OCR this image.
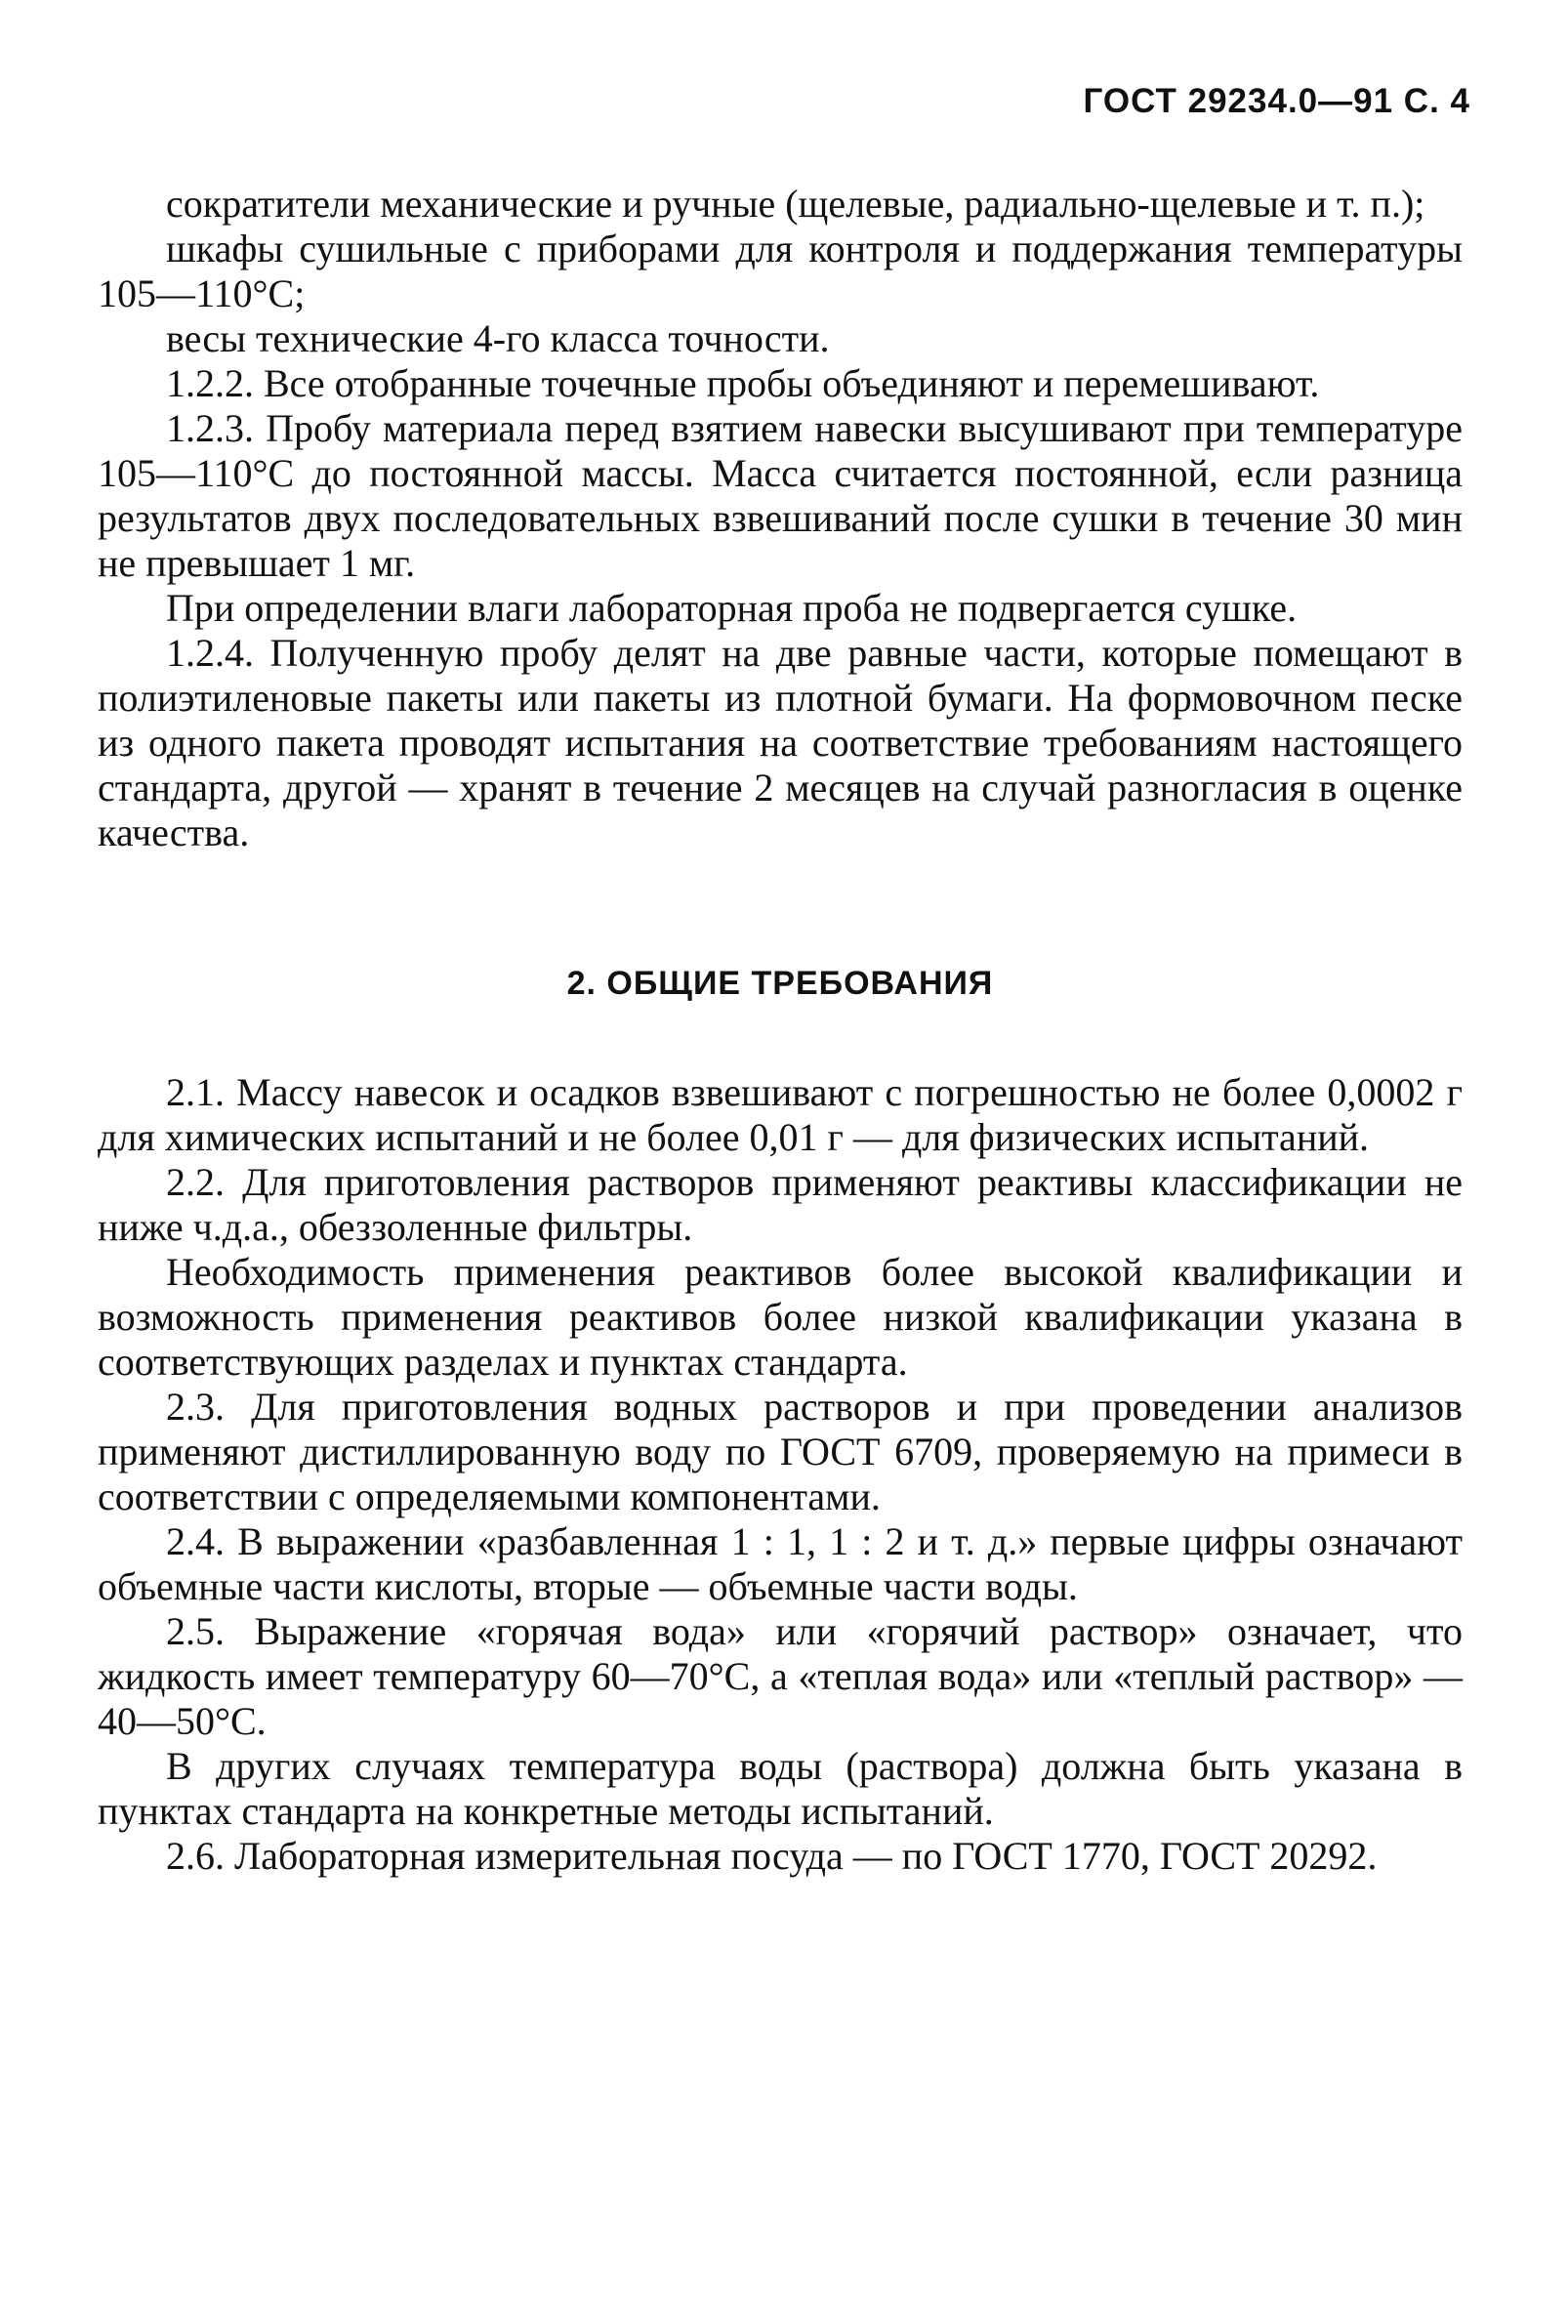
ГОСТ 29234.0—91 С. 4

сократители механические и ручные (щелевые, радиально-щелевые и т. п.);

шкафы сушильные с приборами для контроля и поддержания температуры 105—110°С;

весы технические 4-го класса точности.

1.2.2. Все отобранные точечные пробы объединяют и перемешивают.

1.2.3. Пробу материала перед взятием навески высушивают при температуре 105—110°С до постоянной массы. Масса считается постоянной, если разница результатов двух последовательных взвешиваний после сушки в течение 30 мин не превышает 1 мг.

При определении влаги лабораторная проба не подвергается сушке.

1.2.4. Полученную пробу делят на две равные части, которые помещают в полиэтиленовые пакеты или пакеты из плотной бумаги. На формовочном песке из одного пакета проводят испытания на соответствие требованиям настоящего стандарта, другой — хранят в течение 2 месяцев на случай разногласия в оценке качества.

2. ОБЩИЕ ТРЕБОВАНИЯ

2.1. Массу навесок и осадков взвешивают с погрешностью не более 0,0002 г для химических испытаний и не более 0,01 г — для физических испытаний.

2.2. Для приготовления растворов применяют реактивы классификации не ниже ч.д.а., обеззоленные фильтры.

Необходимость применения реактивов более высокой квалификации и возможность применения реактивов более низкой квалификации указана в соответствующих разделах и пунктах стандарта.

2.3. Для приготовления водных растворов и при проведении анализов применяют дистиллированную воду по ГОСТ 6709, проверяемую на примеси в соответствии с определяемыми компонентами.

2.4. В выражении «разбавленная 1 : 1, 1 : 2 и т. д.» первые цифры означают объемные части кислоты, вторые — объемные части воды.

2.5. Выражение «горячая вода» или «горячий раствор» означает, что жидкость имеет температуру 60—70°С, а «теплая вода» или «теплый раствор» — 40—50°С.

В других случаях температура воды (раствора) должна быть указана в пунктах стандарта на конкретные методы испытаний.

2.6. Лабораторная измерительная посуда — по ГОСТ 1770, ГОСТ 20292.
